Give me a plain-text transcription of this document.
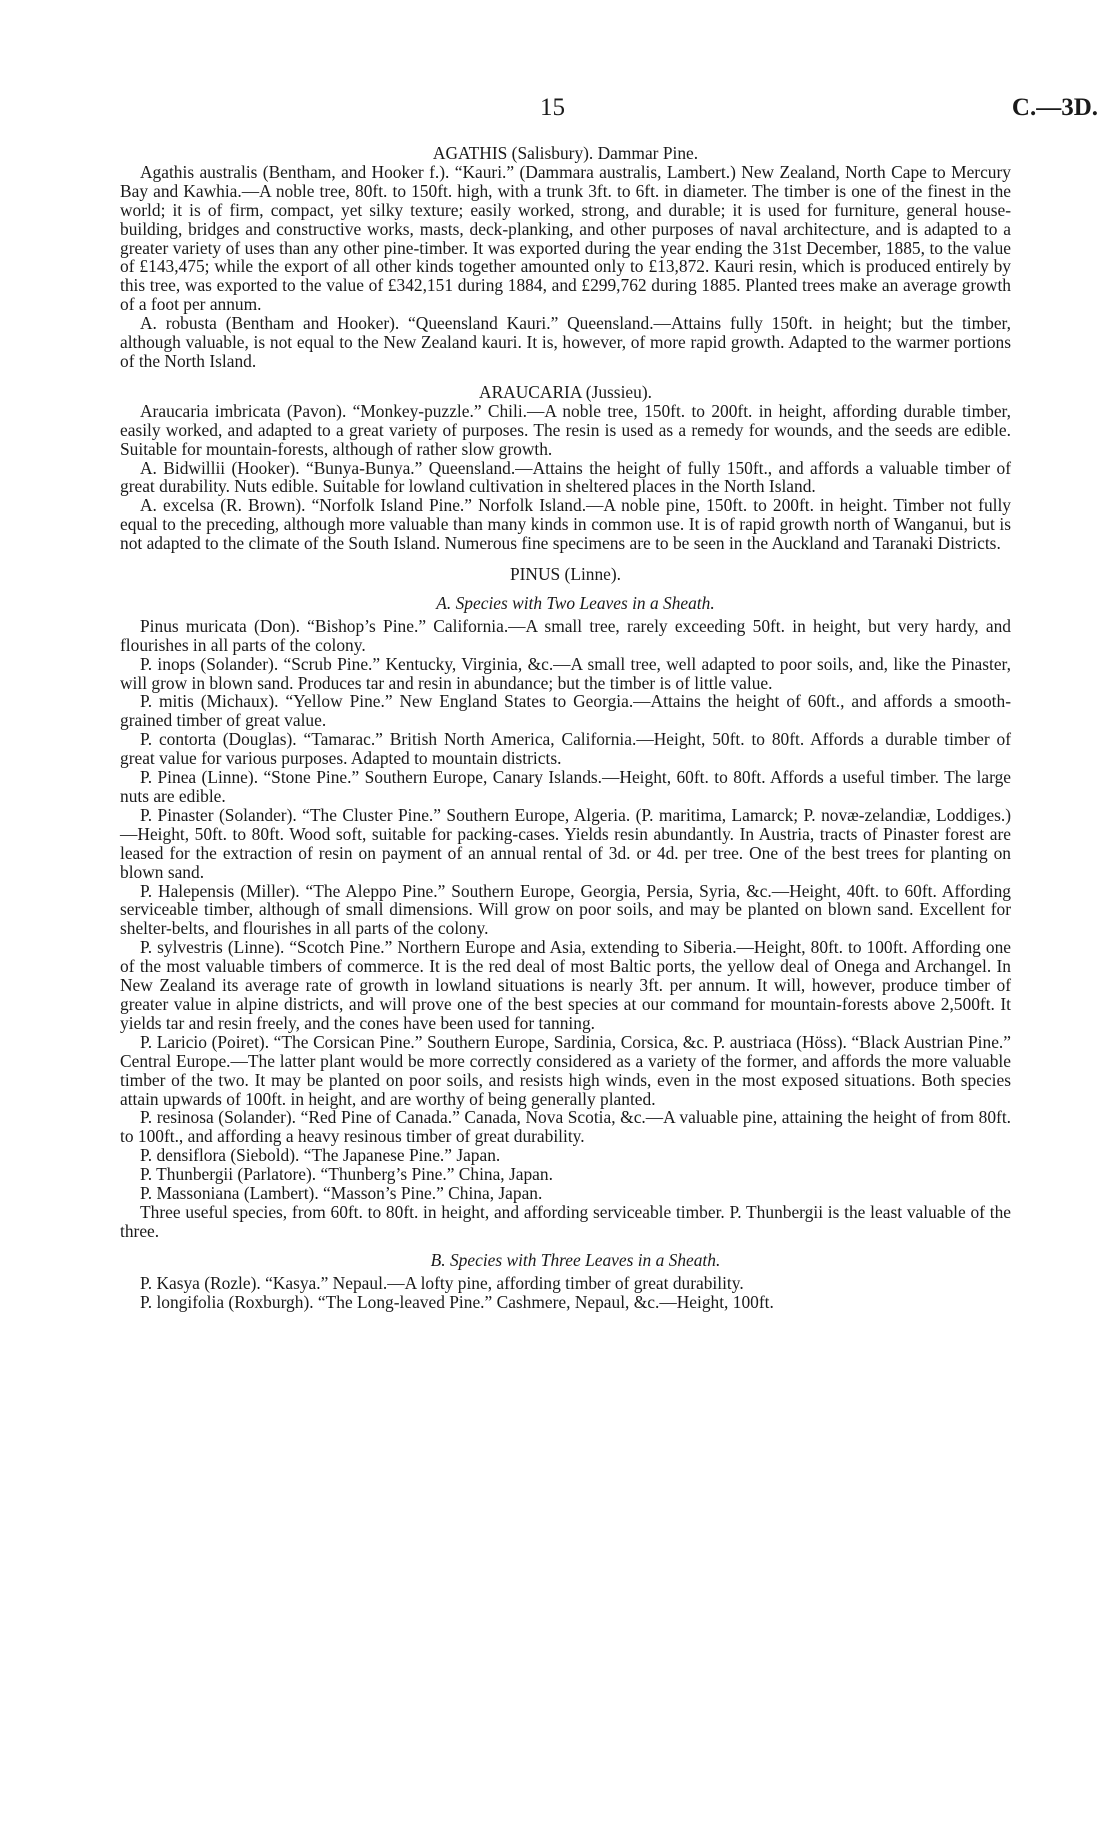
15	C.—3D.

AGATHIS (Salisbury). Dammar Pine.

Agathis australis (Bentham, and Hooker f.). “Kauri.” (Dammara australis, Lambert.) New Zealand, North Cape to Mercury Bay and Kawhia.—A noble tree, 80ft. to 150ft. high, with a trunk 3ft. to 6ft. in diameter. The timber is one of the finest in the world; it is of firm, compact, yet silky texture; easily worked, strong, and durable; it is used for furniture, general house-building, bridges and constructive works, masts, deck-planking, and other purposes of naval architecture, and is adapted to a greater variety of uses than any other pine-timber. It was exported during the year ending the 31st December, 1885, to the value of £143,475; while the export of all other kinds together amounted only to £13,872. Kauri resin, which is produced entirely by this tree, was exported to the value of £342,151 during 1884, and £299,762 during 1885. Planted trees make an average growth of a foot per annum.

A. robusta (Bentham and Hooker). “Queensland Kauri.” Queensland.—Attains fully 150ft. in height; but the timber, although valuable, is not equal to the New Zealand kauri. It is, however, of more rapid growth. Adapted to the warmer portions of the North Island.

ARAUCARIA (Jussieu).

Araucaria imbricata (Pavon). “Monkey-puzzle.” Chili.—A noble tree, 150ft. to 200ft. in height, affording durable timber, easily worked, and adapted to a great variety of purposes. The resin is used as a remedy for wounds, and the seeds are edible. Suitable for mountain-forests, although of rather slow growth.

A. Bidwillii (Hooker). “Bunya-Bunya.” Queensland.—Attains the height of fully 150ft., and affords a valuable timber of great durability. Nuts edible. Suitable for lowland cultivation in sheltered places in the North Island.

A. excelsa (R. Brown). “Norfolk Island Pine.” Norfolk Island.—A noble pine, 150ft. to 200ft. in height. Timber not fully equal to the preceding, although more valuable than many kinds in common use. It is of rapid growth north of Wanganui, but is not adapted to the climate of the South Island. Numerous fine specimens are to be seen in the Auckland and Taranaki Districts.

PINUS (Linne).

A. Species with Two Leaves in a Sheath.

Pinus muricata (Don). “Bishop’s Pine.” California.—A small tree, rarely exceeding 50ft. in height, but very hardy, and flourishes in all parts of the colony.

P. inops (Solander). “Scrub Pine.” Kentucky, Virginia, &c.—A small tree, well adapted to poor soils, and, like the Pinaster, will grow in blown sand. Produces tar and resin in abundance; but the timber is of little value.

P. mitis (Michaux). “Yellow Pine.” New England States to Georgia.—Attains the height of 60ft., and affords a smooth-grained timber of great value.

P. contorta (Douglas). “Tamarac.” British North America, California.—Height, 50ft. to 80ft. Affords a durable timber of great value for various purposes. Adapted to mountain districts.

P. Pinea (Linne). “Stone Pine.” Southern Europe, Canary Islands.—Height, 60ft. to 80ft. Affords a useful timber. The large nuts are edible.

P. Pinaster (Solander). “The Cluster Pine.” Southern Europe, Algeria. (P. maritima, Lamarck; P. novæ-zelandiæ, Loddiges.)—Height, 50ft. to 80ft. Wood soft, suitable for packing-cases. Yields resin abundantly. In Austria, tracts of Pinaster forest are leased for the extraction of resin on payment of an annual rental of 3d. or 4d. per tree. One of the best trees for planting on blown sand.

P. Halepensis (Miller). “The Aleppo Pine.” Southern Europe, Georgia, Persia, Syria, &c.—Height, 40ft. to 60ft. Affording serviceable timber, although of small dimensions. Will grow on poor soils, and may be planted on blown sand. Excellent for shelter-belts, and flourishes in all parts of the colony.

P. sylvestris (Linne). “Scotch Pine.” Northern Europe and Asia, extending to Siberia.—Height, 80ft. to 100ft. Affording one of the most valuable timbers of commerce. It is the red deal of most Baltic ports, the yellow deal of Onega and Archangel. In New Zealand its average rate of growth in lowland situations is nearly 3ft. per annum. It will, however, produce timber of greater value in alpine districts, and will prove one of the best species at our command for mountain-forests above 2,500ft. It yields tar and resin freely, and the cones have been used for tanning.

P. Laricio (Poiret). “The Corsican Pine.” Southern Europe, Sardinia, Corsica, &c. P. austriaca (Höss). “Black Austrian Pine.” Central Europe.—The latter plant would be more correctly considered as a variety of the former, and affords the more valuable timber of the two. It may be planted on poor soils, and resists high winds, even in the most exposed situations. Both species attain upwards of 100ft. in height, and are worthy of being generally planted.

P. resinosa (Solander). “Red Pine of Canada.” Canada, Nova Scotia, &c.—A valuable pine, attaining the height of from 80ft. to 100ft., and affording a heavy resinous timber of great durability.

P. densiflora (Siebold). “The Japanese Pine.” Japan.

P. Thunbergii (Parlatore). “Thunberg’s Pine.” China, Japan.

P. Massoniana (Lambert). “Masson’s Pine.” China, Japan.

Three useful species, from 60ft. to 80ft. in height, and affording serviceable timber. P. Thunbergii is the least valuable of the three.

B. Species with Three Leaves in a Sheath.

P. Kasya (Rozle). “Kasya.” Nepaul.—A lofty pine, affording timber of great durability.

P. longifolia (Roxburgh). “The Long-leaved Pine.” Cashmere, Nepaul, &c.—Height, 100ft.
